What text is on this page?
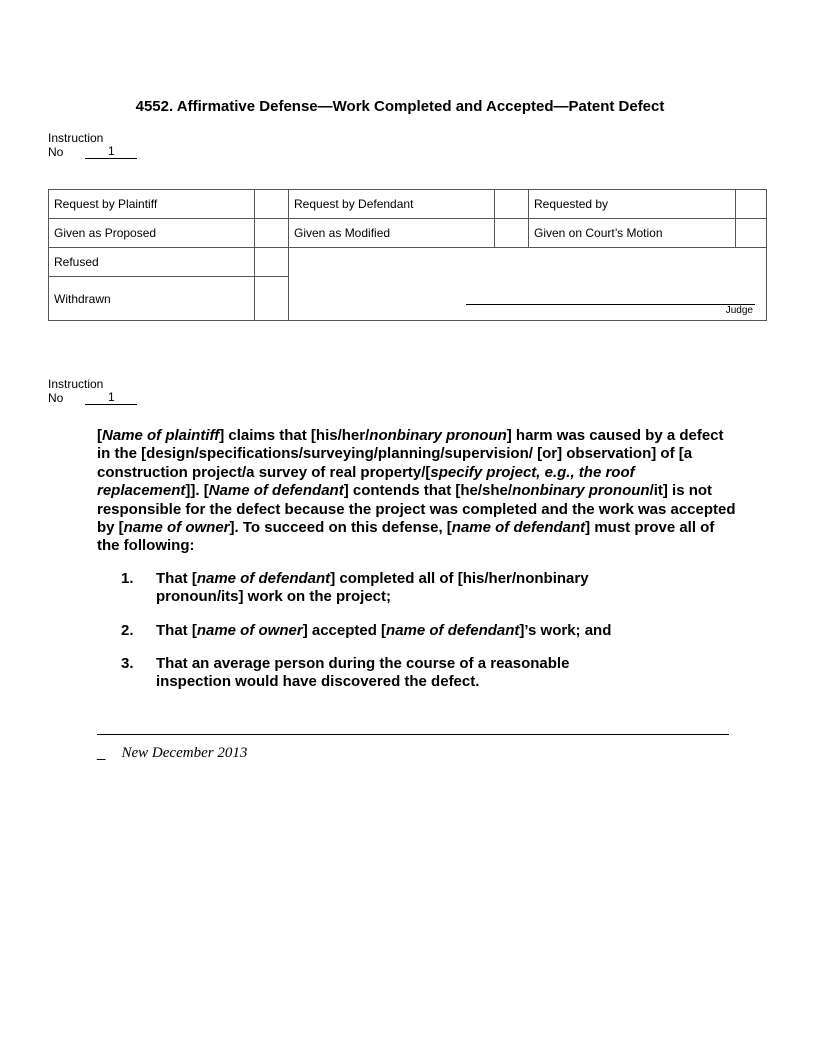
4552. Affirmative Defense—Work Completed and Accepted—Patent Defect
Instruction
No	1
Request by Plaintiff		Request by Defendant		Requested by	
Given as Proposed		Given as Modified		Given on Court’s Motion	
Refused		Judge			

Withdrawn					
Instruction
No	1

[Name of plaintiff] claims that [his/her/nonbinary pronoun] harm was caused by a defect in the [design/specifications/surveying/planning/supervision/ [or] observation] of [a construction project/a survey of real property/[specify project, e.g., the roof replacement]]. [Name of defendant] contends that [he/she/nonbinary pronoun/it] is not responsible for the defect because the project was completed and the work was accepted by [name of owner]. To succeed on this defense, [name of defendant] must prove all of the following:

1.	That [name of defendant] completed all of [his/her/nonbinary pronoun/its] work on the project;
2.	That [name of owner] accepted [name of defendant]’s work; and
3.	That an average person during the course of a reasonable inspection would have discovered the defect.
_ New December 2013
